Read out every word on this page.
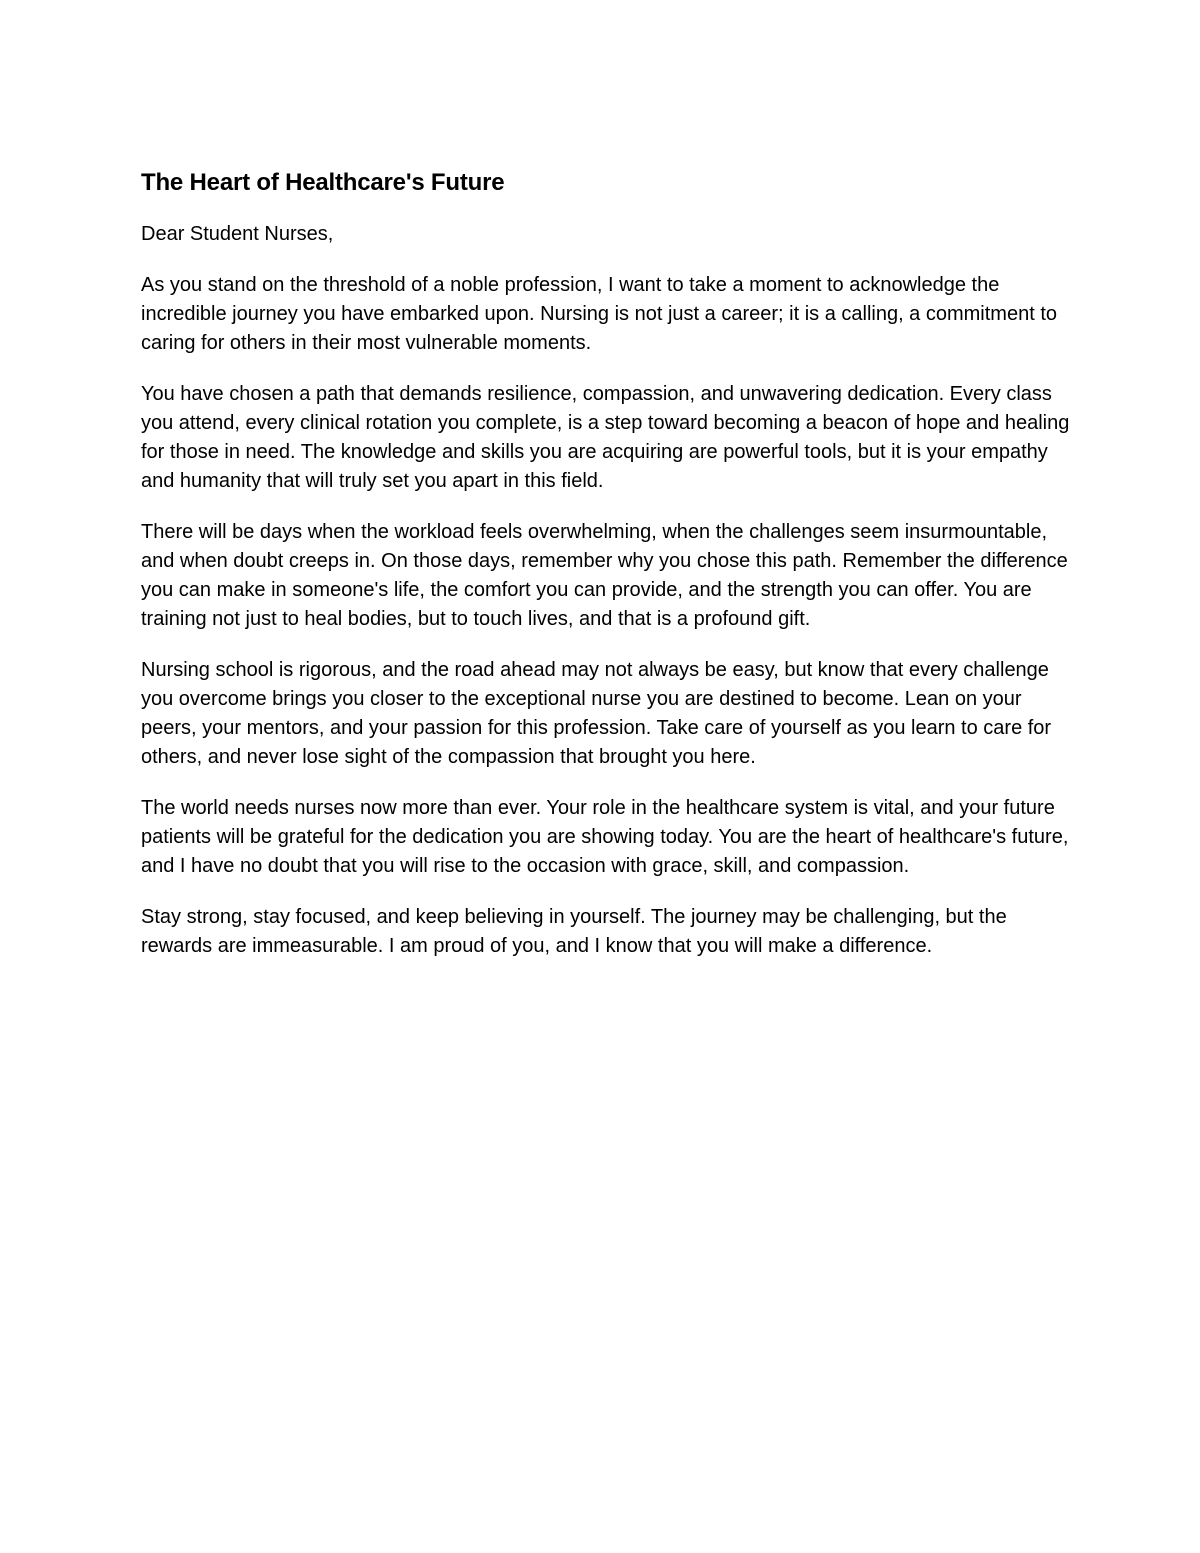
The Heart of Healthcare's Future

Dear Student Nurses,

As you stand on the threshold of a noble profession, I want to take a moment to acknowledge the incredible journey you have embarked upon. Nursing is not just a career; it is a calling, a commitment to caring for others in their most vulnerable moments.

You have chosen a path that demands resilience, compassion, and unwavering dedication. Every class you attend, every clinical rotation you complete, is a step toward becoming a beacon of hope and healing for those in need. The knowledge and skills you are acquiring are powerful tools, but it is your empathy and humanity that will truly set you apart in this field.

There will be days when the workload feels overwhelming, when the challenges seem insurmountable, and when doubt creeps in. On those days, remember why you chose this path. Remember the difference you can make in someone's life, the comfort you can provide, and the strength you can offer. You are training not just to heal bodies, but to touch lives, and that is a profound gift.

Nursing school is rigorous, and the road ahead may not always be easy, but know that every challenge you overcome brings you closer to the exceptional nurse you are destined to become. Lean on your peers, your mentors, and your passion for this profession. Take care of yourself as you learn to care for others, and never lose sight of the compassion that brought you here.

The world needs nurses now more than ever. Your role in the healthcare system is vital, and your future patients will be grateful for the dedication you are showing today. You are the heart of healthcare's future, and I have no doubt that you will rise to the occasion with grace, skill, and compassion.

Stay strong, stay focused, and keep believing in yourself. The journey may be challenging, but the rewards are immeasurable. I am proud of you, and I know that you will make a difference.
